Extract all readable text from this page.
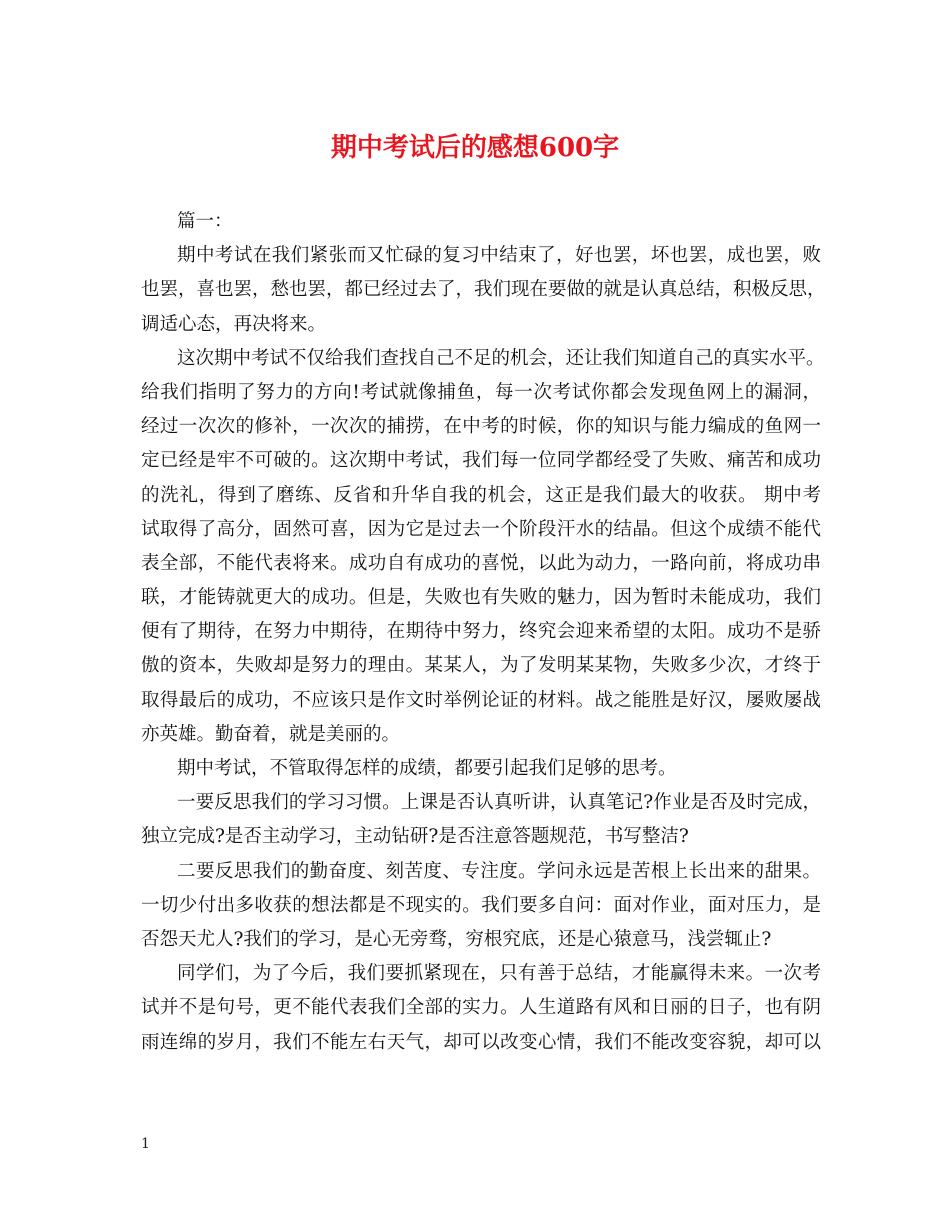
期中考试后的感想600字
篇一：
期中考试在我们紧张而又忙碌的复习中结束了，好也罢，坏也罢，成也罢，败
也罢，喜也罢，愁也罢，都已经过去了，我们现在要做的就是认真总结，积极反思，
调适心态，再决将来。
这次期中考试不仅给我们查找自己不足的机会，还让我们知道自己的真实水平。
给我们指明了努力的方向!考试就像捕鱼，每一次考试你都会发现鱼网上的漏洞，
经过一次次的修补，一次次的捕捞，在中考的时候，你的知识与能力编成的鱼网一
定已经是牢不可破的。这次期中考试，我们每一位同学都经受了失败、痛苦和成功
的洗礼，得到了磨练、反省和升华自我的机会，这正是我们最大的收获。 期中考
试取得了高分，固然可喜，因为它是过去一个阶段汗水的结晶。但这个成绩不能代
表全部，不能代表将来。成功自有成功的喜悦，以此为动力，一路向前，将成功串
联，才能铸就更大的成功。但是，失败也有失败的魅力，因为暂时未能成功，我们
便有了期待，在努力中期待，在期待中努力，终究会迎来希望的太阳。成功不是骄
傲的资本，失败却是努力的理由。某某人，为了发明某某物，失败多少次，才终于
取得最后的成功，不应该只是作文时举例论证的材料。战之能胜是好汉，屡败屡战
亦英雄。勤奋着，就是美丽的。
期中考试，不管取得怎样的成绩，都要引起我们足够的思考。
一要反思我们的学习习惯。上课是否认真听讲，认真笔记?作业是否及时完成，
独立完成?是否主动学习，主动钻研?是否注意答题规范，书写整洁?
二要反思我们的勤奋度、刻苦度、专注度。学问永远是苦根上长出来的甜果。
一切少付出多收获的想法都是不现实的。我们要多自问：面对作业，面对压力，是
否怨天尤人?我们的学习，是心无旁骛，穷根究底，还是心猿意马，浅尝辄止?
同学们，为了今后，我们要抓紧现在，只有善于总结，才能赢得未来。一次考
试并不是句号，更不能代表我们全部的实力。人生道路有风和日丽的日子，也有阴
雨连绵的岁月，我们不能左右天气，却可以改变心情，我们不能改变容貌，却可以
1
